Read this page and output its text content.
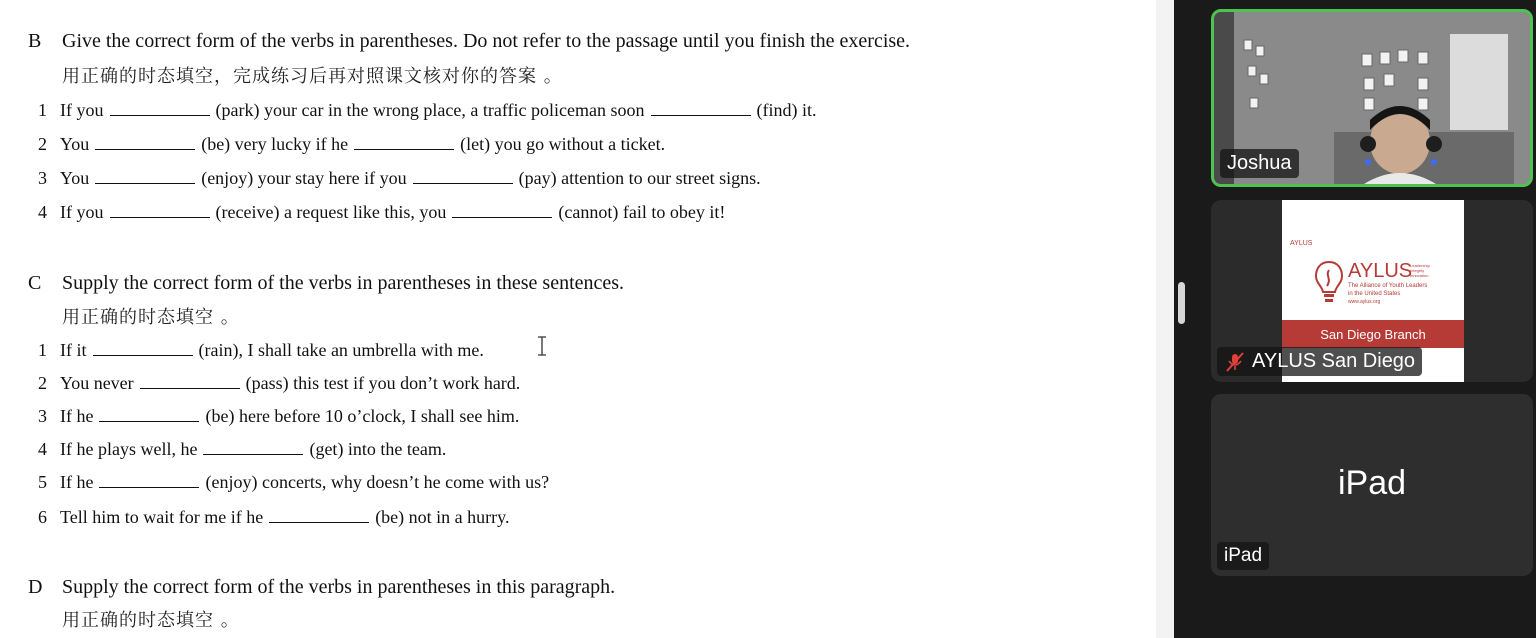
B Give the correct form of the verbs in parentheses. Do not refer to the passage until you finish the exercise.
用正确的时态填空，完成练习后再对照课文核对你的答案 。
1 If you	(park) your car in the wrong place, a traffic policeman soon	(find) it.
2 You	(be) very lucky if he	(let) you go without a ticket.
3 You	(enjoy) your stay here if you	(pay) attention to our street signs.
4 If you	(receive) a request like this, you	(cannot) fail to obey it!
C Supply the correct form of the verbs in parentheses in these sentences.
用正确的时态填空 。
1 If it	(rain), I shall take an umbrella with me.
2 You never	(pass) this test if you don’t work hard.
3 If he	(be) here before 10 o’clock, I shall see him.
4 If he plays well, he	(get) into the team.
5 If he	(enjoy) concerts, why doesn’t he come with us?
6 Tell him to wait for me if he	(be) not in a hurry.
D Supply the correct form of the verbs in parentheses in this paragraph.
用正确的时态填空 。
Joshua
AYLUS
AYLUS
Leadership
Integrity
Innovation
The Alliance of Youth Leaders
in the United States
www.aylus.org
San Diego Branch
AYLUS San Diego
iPad
iPad
